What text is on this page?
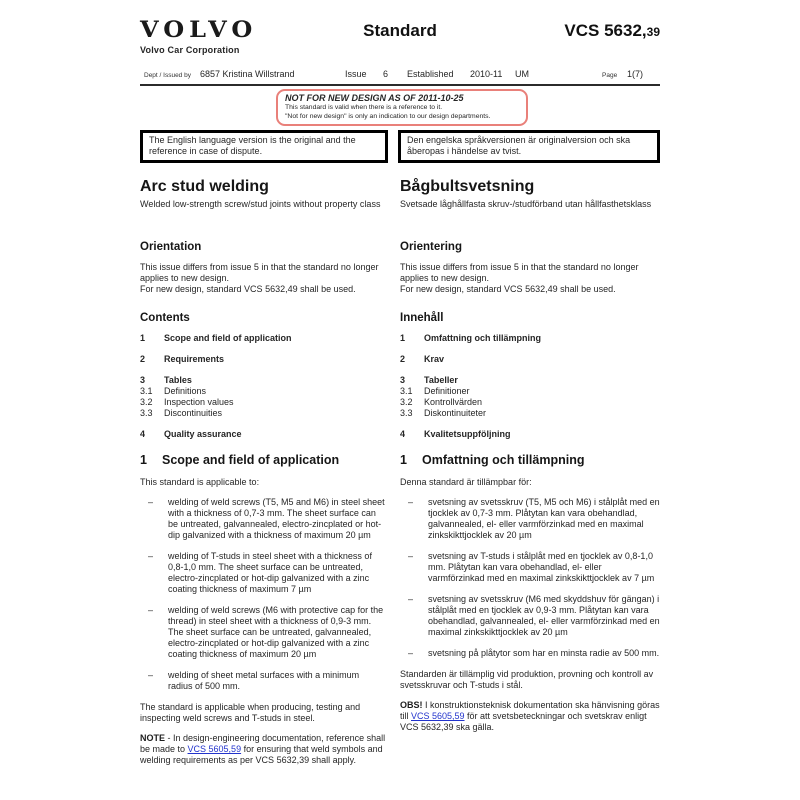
VOLVO
Volvo Car Corporation
Standard	VCS 5632,39
Dept / Issued by 6857 Kristina Willstrand	Issue 6 Established 2010-11 UM	Page 1(7)
NOT FOR NEW DESIGN AS OF 2011-10-25
This standard is valid when there is a reference to it.
"Not for new design" is only an indication to our design departments.
The English language version is the original and the reference in case of dispute.
Den engelska språkversionen är originalversion och ska åberopas i händelse av tvist.
Arc stud welding

Welded low-strength screw/stud joints without property class

Orientation

This issue differs from issue 5 in that the standard no longer applies to new design.
For new design, standard VCS 5632,49 shall be used.

Contents
1	Scope and field of application
2	Requirements
3	Tables
3.1	Definitions
3.2	Inspection values
3.3	Discontinuities
4	Quality assurance
1	Scope and field of application

This standard is applicable to:

–	welding of weld screws (T5, M5 and M6) in steel sheet with a thickness of 0,7-3 mm. The sheet surface can be untreated, galvannealed, electro-zincplated or hot-dip galvanized with a thickness of maximum 20 µm
–	welding of T-studs in steel sheet with a thickness of 0,8-1,0 mm. The sheet surface can be untreated, electro-zincplated or hot-dip galvanized with a zinc coating thickness of maximum 7 µm
–	welding of weld screws (M6 with protective cap for the thread) in steel sheet with a thickness of 0,9-3 mm. The sheet surface can be untreated, galvannealed, electro-zincplated or hot-dip galvanized with a zinc coating thickness of maximum 20 µm
–	welding of sheet metal surfaces with a minimum radius of 500 mm.

The standard is applicable when producing, testing and inspecting weld screws and T-studs in steel.

NOTE - In design-engineering documentation, reference shall be made to VCS 5605,59 for ensuring that weld symbols and welding requirements as per VCS 5632,39 shall apply.

Bågbultsvetsning

Svetsade låghållfasta skruv-/studförband utan hållfasthetsklass

Orientering

This issue differs from issue 5 in that the standard no longer applies to new design.
For new design, standard VCS 5632,49 shall be used.

Innehåll
1	Omfattning och tillämpning
2	Krav
3	Tabeller
3.1	Definitioner
3.2	Kontrollvärden
3.3	Diskontinuiteter
4	Kvalitetsuppföljning
1	Omfattning och tillämpning

Denna standard är tillämpbar för:

–	svetsning av svetsskruv (T5, M5 och M6) i stålplåt med en tjocklek av 0,7-3 mm. Plåtytan kan vara obehandlad, galvannealed, el- eller varmförzinkad med en maximal zinkskikttjocklek av 20 µm
–	svetsning av T-studs i stålplåt med en tjocklek av 0,8-1,0 mm. Plåtytan kan vara obehandlad, el- eller varmförzinkad med en maximal zinkskikttjocklek av 7 µm
–	svetsning av svetsskruv (M6 med skyddshuv för gängan) i stålplåt med en tjocklek av 0,9-3 mm. Plåtytan kan vara obehandlad, galvannealed, el- eller varmförzinkad med en maximal zinkskikttjocklek av 20 µm
–	svetsning på plåtytor som har en minsta radie av 500 mm.

Standarden är tillämplig vid produktion, provning och kontroll av svetsskruvar och T-studs i stål.

OBS! I konstruktionsteknisk dokumentation ska hänvisning göras till VCS 5605,59 för att svetsbeteckningar och svetskrav enligt VCS 5632,39 ska gälla.
